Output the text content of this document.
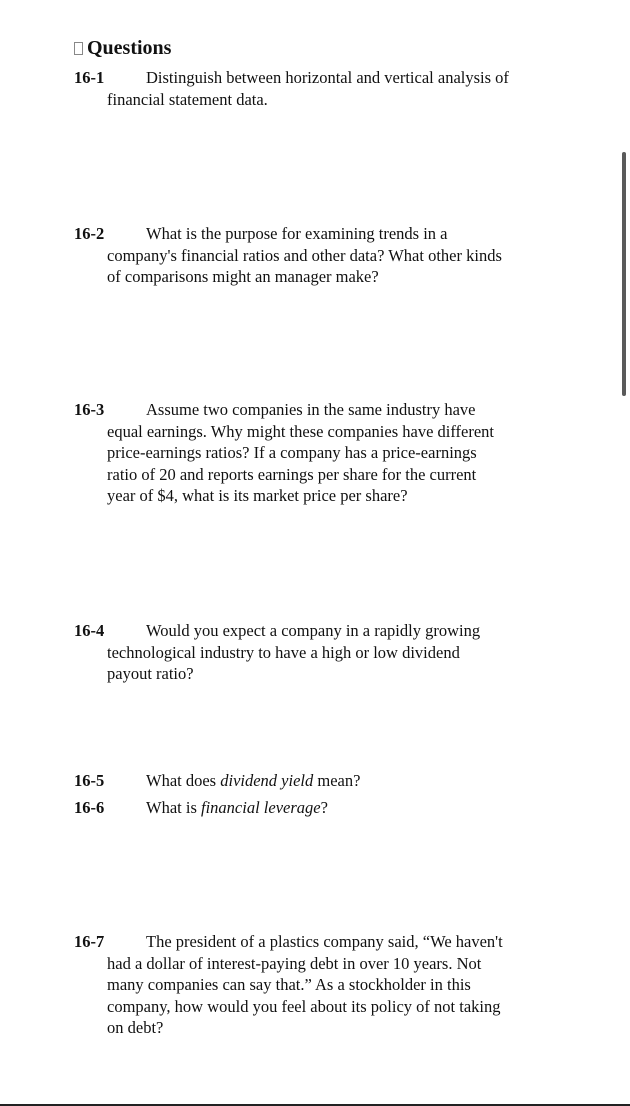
Questions
16-1	Distinguish between horizontal and vertical analysis of
financial statement data.
16-2	What is the purpose for examining trends in a
company's financial ratios and other data? What other kinds
of comparisons might an manager make?
16-3	Assume two companies in the same industry have
equal earnings. Why might these companies have different
price-earnings ratios? If a company has a price-earnings
ratio of 20 and reports earnings per share for the current
year of $4, what is its market price per share?
16-4	Would you expect a company in a rapidly growing
technological industry to have a high or low dividend
payout ratio?
16-5	What does dividend yield mean?
16-6	What is financial leverage?
16-7	The president of a plastics company said, “We haven't
had a dollar of interest-paying debt in over 10 years. Not
many companies can say that.” As a stockholder in this
company, how would you feel about its policy of not taking
on debt?
